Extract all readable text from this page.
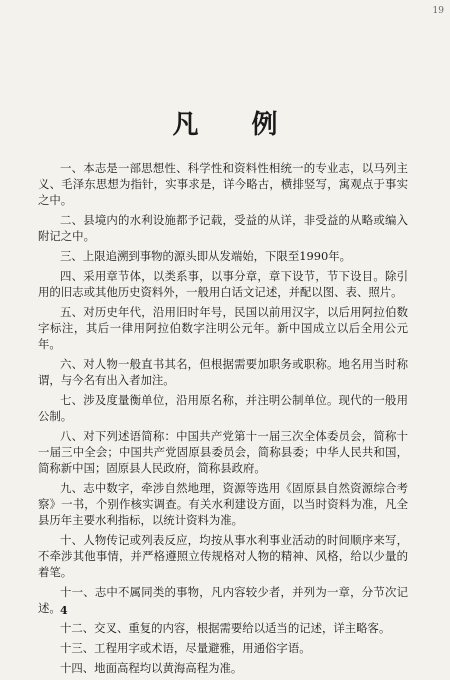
19
凡 例

一、本志是一部思想性、科学性和资料性相统一的专业志，以马列主义、毛泽东思想为指针，实事求是，详今略古，横排竖写，寓观点于事实之中。

二、县境内的水利设施都予记载，受益的从详，非受益的从略或编入附记之中。

三、上限追溯到事物的源头即从发端始，下限至1990年。

四、采用章节体，以类系事，以事分章，章下设节，节下设目。除引用的旧志或其他历史资料外，一般用白话文记述，并配以图、表、照片。

五、对历史年代，沿用旧时年号，民国以前用汉字，以后用阿拉伯数字标注，其后一律用阿拉伯数字注明公元年。新中国成立以后全用公元年。

六、对人物一般直书其名，但根据需要加职务或职称。地名用当时称谓，与今名有出入者加注。

七、涉及度量衡单位，沿用原名称，并注明公制单位。现代的一般用公制。

八、对下列述语简称：中国共产党第十一届三次全体委员会，简称十一届三中全会；中国共产党固原县委员会，简称县委；中华人民共和国，简称新中国；固原县人民政府，简称县政府。

九、志中数字，牵涉自然地理，资源等选用《固原县自然资源综合考察》一书，个别作核实调查。有关水利建设方面，以当时资料为准，凡全县历年主要水利指标，以统计资料为准。

十、人物传记或列表反应，均按从事水利事业活动的时间顺序来写，不牵涉其他事情，并严格遵照立传规格对人物的精神、风格，给以少量的着笔。

十一、志中不属同类的事物，凡内容较少者，并列为一章，分节次记述。

十二、交叉、重复的内容，根据需要给以适当的记述，详主略客。

十三、工程用字或术语，尽量避雅，用通俗字语。

十四、地面高程均以黄海高程为准。

4
